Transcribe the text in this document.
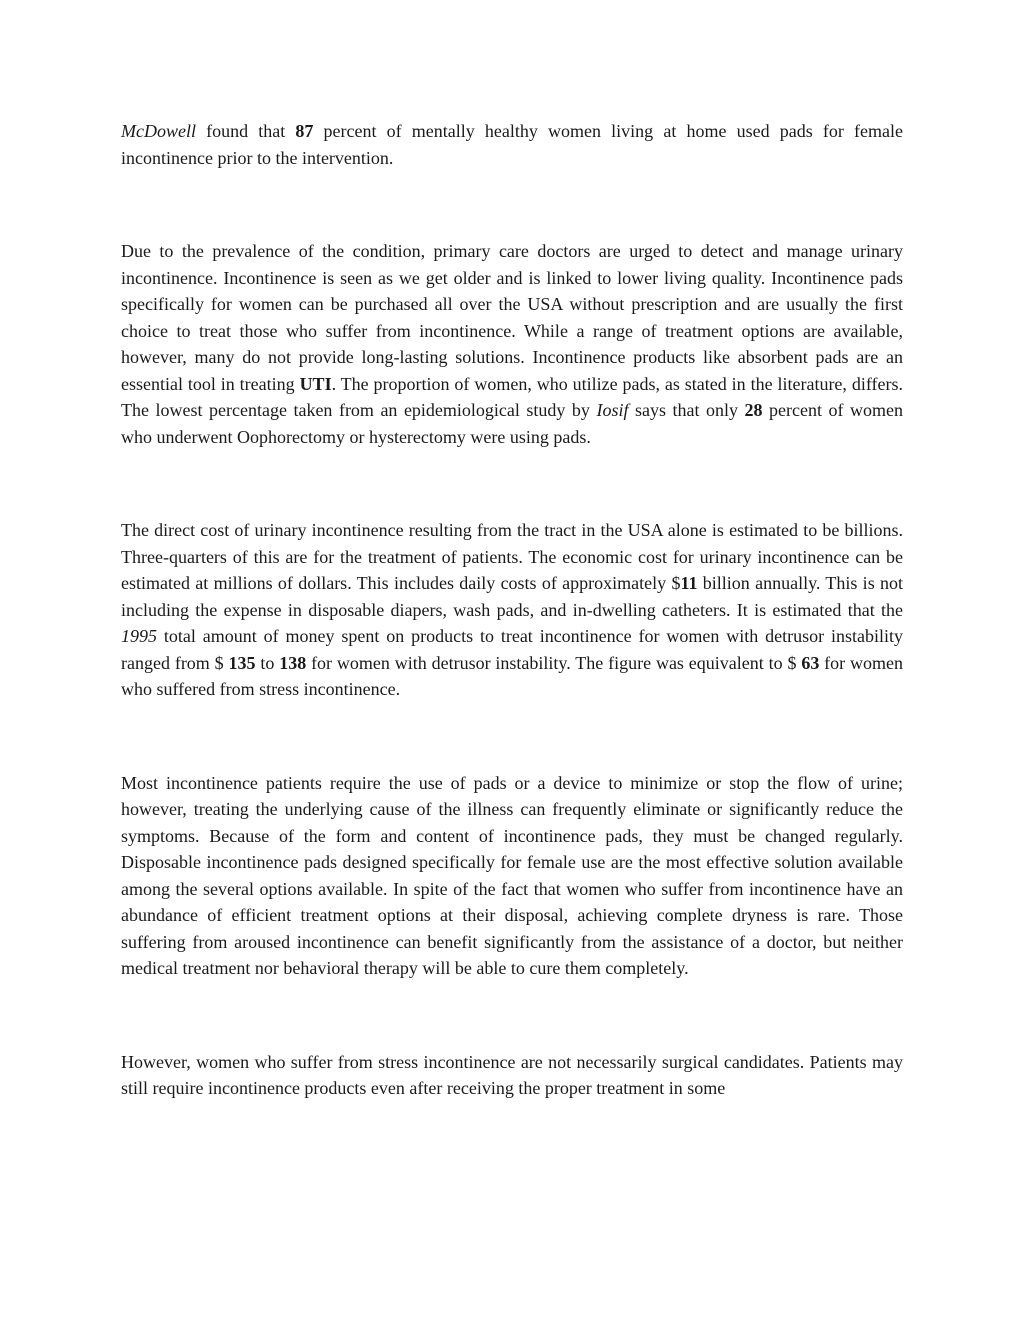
McDowell found that 87 percent of mentally healthy women living at home used pads for female incontinence prior to the intervention.

Due to the prevalence of the condition, primary care doctors are urged to detect and manage urinary incontinence. Incontinence is seen as we get older and is linked to lower living quality. Incontinence pads specifically for women can be purchased all over the USA without prescription and are usually the first choice to treat those who suffer from incontinence. While a range of treatment options are available, however, many do not provide long-lasting solutions. Incontinence products like absorbent pads are an essential tool in treating UTI. The proportion of women, who utilize pads, as stated in the literature, differs. The lowest percentage taken from an epidemiological study by Iosif says that only 28 percent of women who underwent Oophorectomy or hysterectomy were using pads.

The direct cost of urinary incontinence resulting from the tract in the USA alone is estimated to be billions. Three-quarters of this are for the treatment of patients. The economic cost for urinary incontinence can be estimated at millions of dollars. This includes daily costs of approximately $11 billion annually. This is not including the expense in disposable diapers, wash pads, and in-dwelling catheters. It is estimated that the 1995 total amount of money spent on products to treat incontinence for women with detrusor instability ranged from $ 135 to 138 for women with detrusor instability. The figure was equivalent to $ 63 for women who suffered from stress incontinence.

Most incontinence patients require the use of pads or a device to minimize or stop the flow of urine; however, treating the underlying cause of the illness can frequently eliminate or significantly reduce the symptoms. Because of the form and content of incontinence pads, they must be changed regularly. Disposable incontinence pads designed specifically for female use are the most effective solution available among the several options available. In spite of the fact that women who suffer from incontinence have an abundance of efficient treatment options at their disposal, achieving complete dryness is rare. Those suffering from aroused incontinence can benefit significantly from the assistance of a doctor, but neither medical treatment nor behavioral therapy will be able to cure them completely.

However, women who suffer from stress incontinence are not necessarily surgical candidates. Patients may still require incontinence products even after receiving the proper treatment in some
